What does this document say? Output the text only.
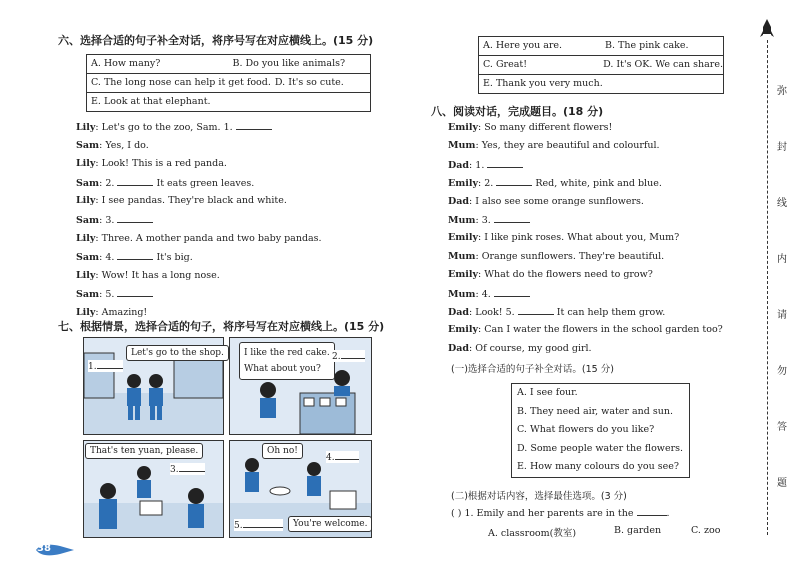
六、选择合适的句子补全对话，将序号写在对应横线上。(15 分)
A. How many?	B. Do you like animals?
C. The long nose can help it get food. D. It's so cute.
E. Look at that elephant.
Lily: Let's go to the zoo, Sam. 1.
Sam: Yes, I do.
Lily: Look! This is a red panda.
Sam: 2.	It eats green leaves.
Lily: I see pandas. They're black and white.
Sam: 3.
Lily: Three. A mother panda and two baby pandas.
Sam: 4.	It's big.
Lily: Wow! It has a long nose.
Sam: 5.
Lily: Amazing!
七、根据情景，选择合适的句子，将序号写在对应横线上。(15 分)
A. Here you are.	B. The pink cake.
C. Great!	D. It's OK. We can share.
E. Thank you very much.
Let's go to the shop.
1.
I like the red cake.
What about you?
2.
That's ten yuan, please.
3.
Oh no!
4.
5.	You're welcome.
八、阅读对话，完成题目。(18 分)
Emily: So many different flowers!
Mum: Yes, they are beautiful and colourful.
Dad: 1.
Emily: 2.	Red, white, pink and blue.
Dad: I also see some orange sunflowers.
Mum: 3.
Emily: I like pink roses. What about you, Mum?
Mum: Orange sunflowers. They're beautiful.
Emily: What do the flowers need to grow?
Mum: 4.
Dad: Look! 5.	It can help them grow.
Emily: Can I water the flowers in the school garden too?
Dad: Of course, my good girl.
(一)选择合适的句子补全对话。(15 分)
A. I see four.
B. They need air, water and sun.
C. What flowers do you like?
D. Some people water the flowers.
E. How many colours do you see?
(二)根据对话内容，选择最佳选项。(3 分)
( ) 1. Emily and her parents are in the	.
A. classroom(教室)	B. garden	C. zoo
弥
封
线
内
请
勿
答
题
38
